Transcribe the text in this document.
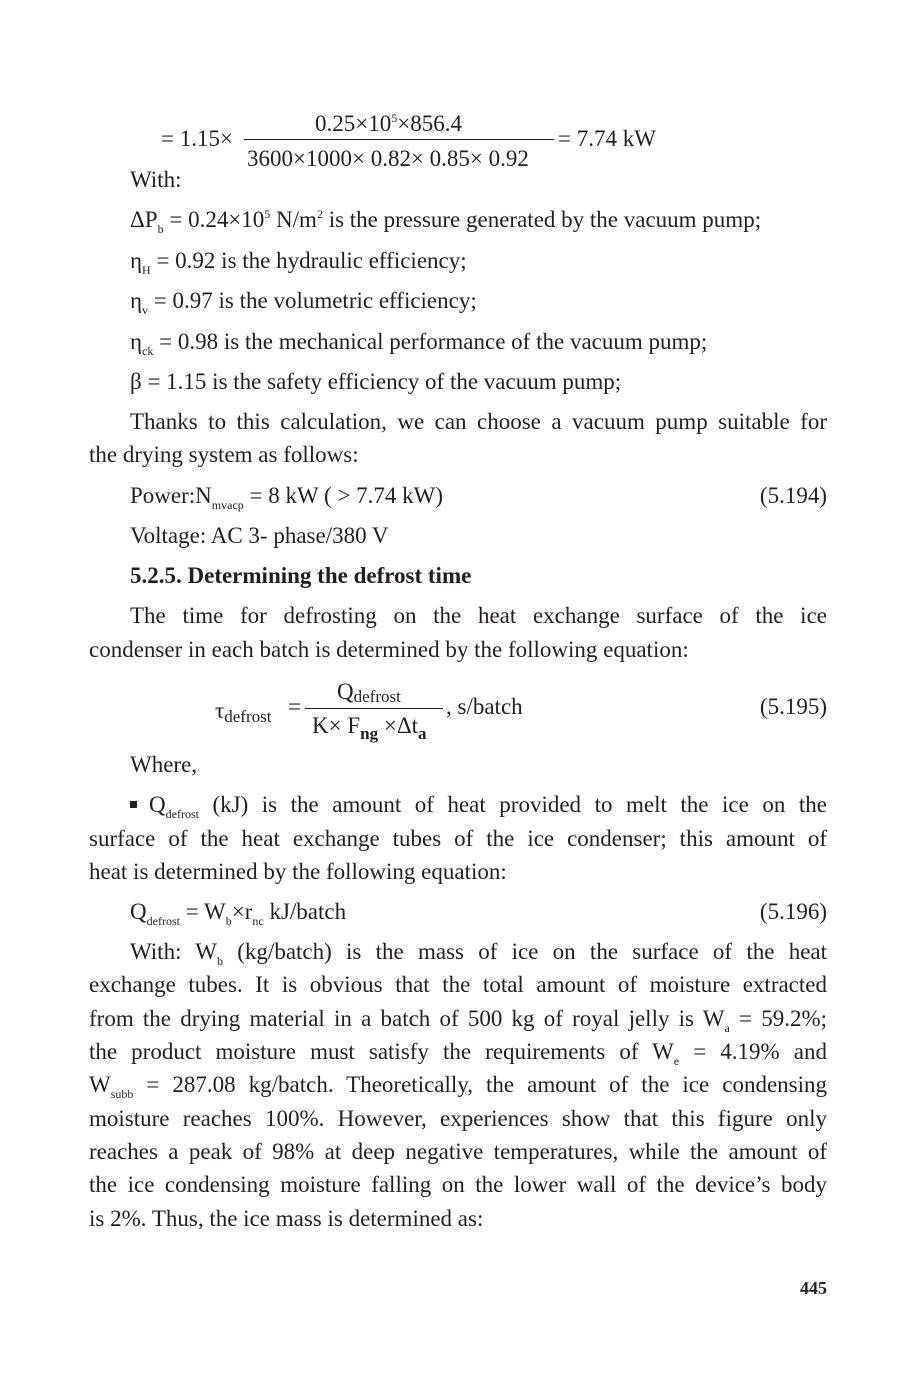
= 1.15×
$0.25\times 10^5\times 856.4$
3600×1000× 0.82× 0.85× 0.92
= 7.74 kW
With:
$\Delta P_b = 0.24\times 10^5$ $N/m^2$ is the pressure generated by the vacuum pump;
$\eta_H = 0.92$ is the hydraulic efficiency;
$\eta_v = 0.97$ is the volumetric efficiency;
$\eta_{ck} = 0.98$ is the mechanical performance of the vacuum pump;
β = 1.15 is the safety efficiency of the vacuum pump;
Thanks to this calculation, we can choose a vacuum pump suitable for
the drying system as follows:
$Power:N_{mvacp} = 8$ kW ( > 7.74 kW)	(5.194)
Voltage: AC 3- phase/380 V
5.2.5. Determining the defrost time
The time for defrosting on the heat exchange surface of the ice
condenser in each batch is determined by the following equation:
τdefrost =
Qdefrost
$K\times F_{ng} \times\Delta t_a$
, s/batch	(5.195)
Where,
$Q_{defrost}$ (kJ) is the amount of heat provided to melt the ice on the
surface of the heat exchange tubes of the ice condenser; this amount of
heat is determined by the following equation:
$Q_{defrost} = W_b\times r_{nc}$ kJ/batch	(5.196)
With: $W_b$ (kg/batch) is the mass of ice on the surface of the heat
exchange tubes. It is obvious that the total amount of moisture extracted
from the drying material in a batch of 500 kg of royal jelly is $W_a = 59.2\%$;
the product moisture must satisfy the requirements of $W_e = 4.19\%$ and
$W_{subb} = 287.08$ kg/batch. Theoretically, the amount of the ice condensing
moisture reaches 100%. However, experiences show that this figure only
reaches a peak of 98% at deep negative temperatures, while the amount of
the ice condensing moisture falling on the lower wall of the device’s body
is 2%. Thus, the ice mass is determined as:
445
